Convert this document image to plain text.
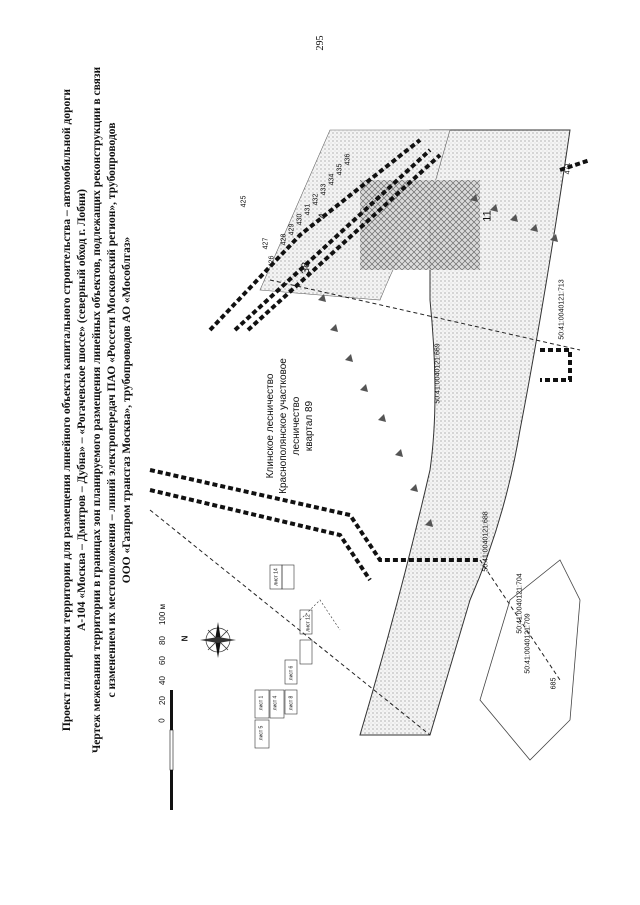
295
Проект планировки территории для размещения линейного объекта капитального строительства – автомобильной дороги А-104 «Москва – Дмитров – Дубна» – «Рогачевское шоссе» (северный обход г. Лобни) Чертеж межевания территории в границах зон планируемого размещения линейных объектов, подлежащих реконструкции в связи с изменением их местоположения – линий электропередач ПАО «Россети Московский регион», трубопроводов ООО «Газпром трансгаз Москва», трубопроводов АО «Мособлгаз»	Клинское лесничество Краснополянское участковое лесничество квартал 89
50:41:0040121:669
50:41:0040121:688
50:41:0040121:704
50:41:0040121:709
50:41:0040121:713
38
4	11
685
471
425
426
427 428
429
430
431
432
433
434
435
436
0
20
40
60
80
100 м
N
лист 1 лист 4
лист 5
лист 6
лист 8
лист 12
лист 14
